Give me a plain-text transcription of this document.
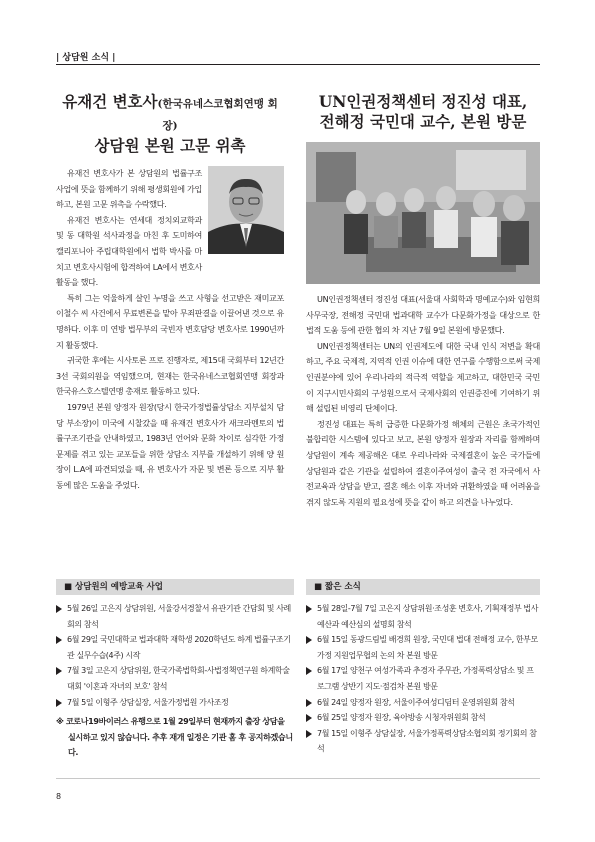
| 상담원 소식 |
유재건 변호사(한국유네스코협회연맹 회장)
상담원 본원 고문 위촉

유재건 변호사가 본 상담원의 법률구조사업에 뜻을 함께하기 위해 평생회원에 가입하고, 본원 고문 위촉을 수락했다.

유재건 변호사는 연세대 정치외교학과 및 동 대학원 석사과정을 마친 후 도미하여 캘리포니아 주립대학원에서 법학 박사를 마치고 변호사시험에 합격하여 LA에서 변호사 활동을 했다.

특히 그는 억울하게 살인 누명을 쓰고 사형을 선고받은 재미교포 이철수 씨 사건에서 무료변론을 맡아 무죄판결을 이끌어낸 것으로 유명하다. 이후 미 연방 법무부의 국빈자 변호담당 변호사로 1990년까지 활동했다.

귀국한 후에는 시사토론 프로 진행자로, 제15대 국회부터 12년간 3선 국회의원을 역임했으며, 현재는 한국유네스코협회연맹 회장과 한국유스호스텔연맹 총재로 활동하고 있다.

1979년 본원 양정자 원장(당시 한국가정법률상담소 지부설치 담당 부소장)이 미국에 시찰갔을 때 유재건 변호사가 새크라멘토의 법률구조기관을 안내하였고, 1983년 언어와 문화 차이로 심각한 가정문제를 겪고 있는 교포들을 위한 상담소 지부를 개설하기 위해 양 원장이 L.A에 파견되었을 때, 유 변호사가 자문 및 변론 등으로 지부 활동에 많은 도움을 주었다.

UN인권정책센터 정진성 대표,
전해정 국민대 교수, 본원 방문

UN인권정책센터 정진성 대표(서울대 사회학과 명예교수)와 임현희 사무국장, 전해정 국민대 법과대학 교수가 다문화가정을 대상으로 한 법적 도움 등에 관한 협의 차 지난 7월 9일 본원에 방문했다.

UN인권정책센터는 UN의 인권제도에 대한 국내 인식 저변을 확대하고, 주요 국제적, 지역적 인권 이슈에 대한 연구를 수행함으로써 국제인권분야에 있어 우리나라의 적극적 역할을 제고하고, 대한민국 국민이 지구시민사회의 구성원으로서 국제사회의 인권증진에 기여하기 위해 설립된 비영리 단체이다.

정진성 대표는 특히 급증한 다문화가정 해체의 근원은 초국가적인 불합리한 시스템에 있다고 보고, 본원 양정자 원장과 자리를 함께하며 상담원이 계속 제공해온 대로 우리나라와 국제결혼이 높은 국가들에 상담원과 같은 기관을 설립하여 결혼이주여성이 출국 전 자국에서 사전교육과 상담을 받고, 결혼 해소 이후 자녀와 귀환하였을 때 어려움을 겪지 않도록 지원의 필요성에 뜻을 같이 하고 의견을 나누었다.

■ 상담원의 예방교육 사업
5월 26일 고은지 상담위원, 서울강서경찰서 유관기관 간담회 및 사례회의 참석
6월 29일 국민대학교 법과대학 재학생 2020학년도 하계 법률구조기관 실무수습(4주) 시작
7월 3일 고은지 상담위원, 한국가족법학회-사법정책연구원 하계학술대회 '이혼과 자녀의 보호' 참석
7월 5일 이형주 상담실장, 서울가정법원 가사조정
※ 코로나19바이러스 유행으로 1월 29일부터 현재까지 출장 상담을 실시하고 있지 않습니다. 추후 재개 일정은 기관 홈 후 공지하겠습니다.
■ 짧은 소식
5월 28일-7월 7일 고은지 상담위원·조성훈 변호사, 기획재정부 법사예산과 예산심의 설명회 참석
6월 15일 동광드림빌 배경희 원장, 국민대 법대 전해정 교수, 한부모가정 지원업무협의 논의 차 본원 방문
6월 17일 양천구 여성가족과 추경자 주무관, 가정폭력상담소 및 프로그램 상반기 지도·점검차 본원 방문
6월 24일 양정자 원장, 서울이주여성디딤터 운영위원회 참석
6월 25일 양정자 원장, 육아방송 시청자위원회 참석
7월 15일 이형주 상담실장, 서울가정폭력상담소협의회 정기회의 참석
8
